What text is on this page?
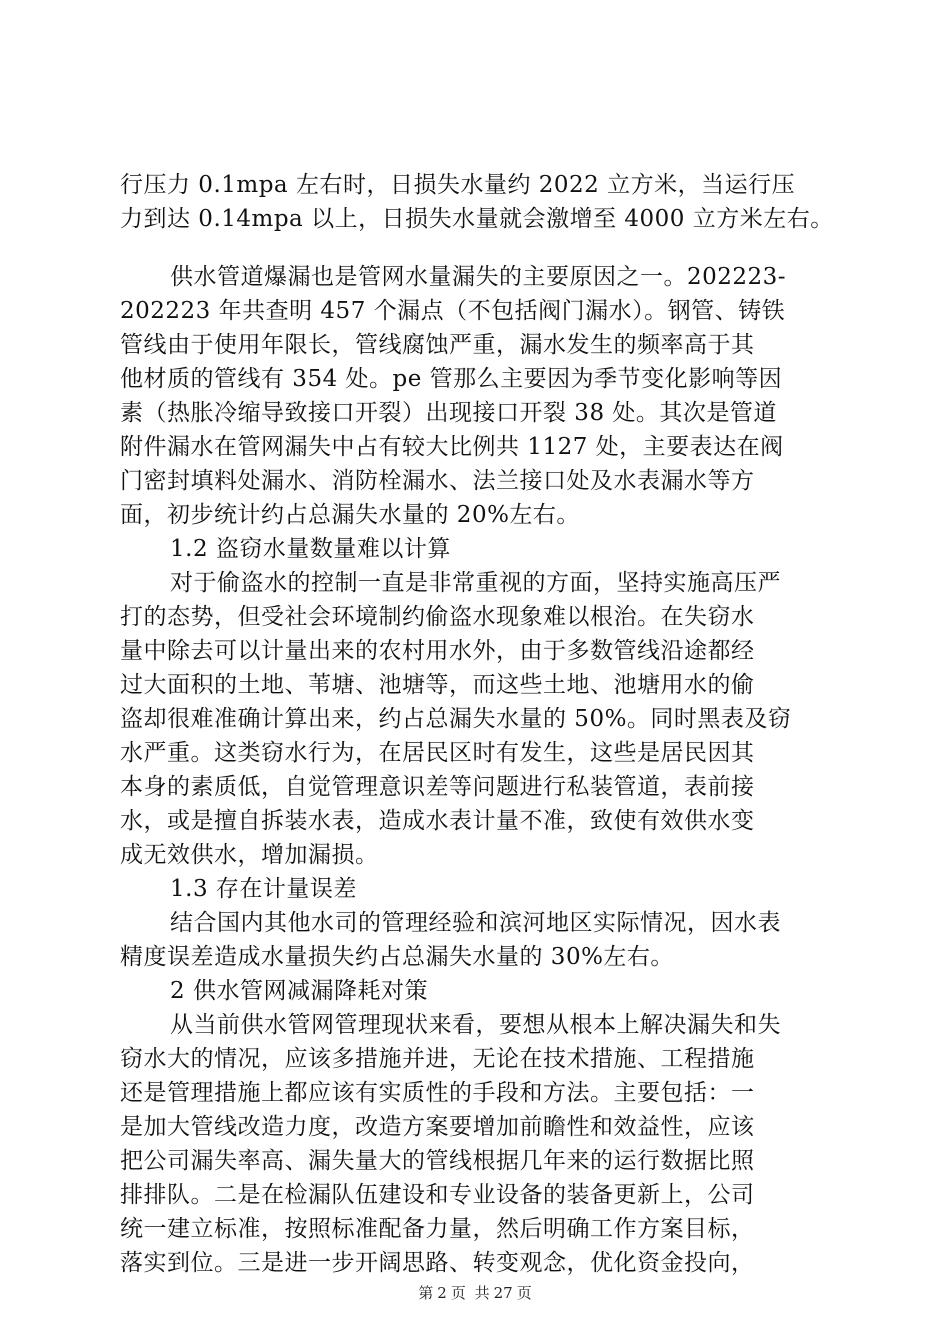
行压力 0.1mpa 左右时，日损失水量约 2022 立方米，当运行压
力到达 0.14mpa 以上，日损失水量就会激增至 4000 立方米左右。
供水管道爆漏也是管网水量漏失的主要原因之一。202223-
202223 年共查明 457 个漏点（不包括阀门漏水）。钢管、铸铁
管线由于使用年限长，管线腐蚀严重，漏水发生的频率高于其
他材质的管线有 354 处。pe 管那么主要因为季节变化影响等因
素（热胀冷缩导致接口开裂）出现接口开裂 38 处。其次是管道
附件漏水在管网漏失中占有较大比例共 1127 处，主要表达在阀
门密封填料处漏水、消防栓漏水、法兰接口处及水表漏水等方
面，初步统计约占总漏失水量的 20%左右。
1.2 盗窃水量数量难以计算
对于偷盗水的控制一直是非常重视的方面，坚持实施高压严
打的态势，但受社会环境制约偷盗水现象难以根治。在失窃水
量中除去可以计量出来的农村用水外，由于多数管线沿途都经
过大面积的土地、苇塘、池塘等，而这些土地、池塘用水的偷
盗却很难准确计算出来，约占总漏失水量的 50%。同时黑表及窃
水严重。这类窃水行为，在居民区时有发生，这些是居民因其
本身的素质低，自觉管理意识差等问题进行私装管道，表前接
水，或是擅自拆装水表，造成水表计量不准，致使有效供水变
成无效供水，增加漏损。
1.3 存在计量误差
结合国内其他水司的管理经验和滨河地区实际情况，因水表
精度误差造成水量损失约占总漏失水量的 30%左右。
2 供水管网减漏降耗对策
从当前供水管网管理现状来看，要想从根本上解决漏失和失
窃水大的情况，应该多措施并进，无论在技术措施、工程措施
还是管理措施上都应该有实质性的手段和方法。主要包括：一
是加大管线改造力度，改造方案要增加前瞻性和效益性，应该
把公司漏失率高、漏失量大的管线根据几年来的运行数据比照
排排队。二是在检漏队伍建设和专业设备的装备更新上，公司
统一建立标准，按照标准配备力量，然后明确工作方案目标，
落实到位。三是进一步开阔思路、转变观念，优化资金投向，
第 2 页 共 27 页
